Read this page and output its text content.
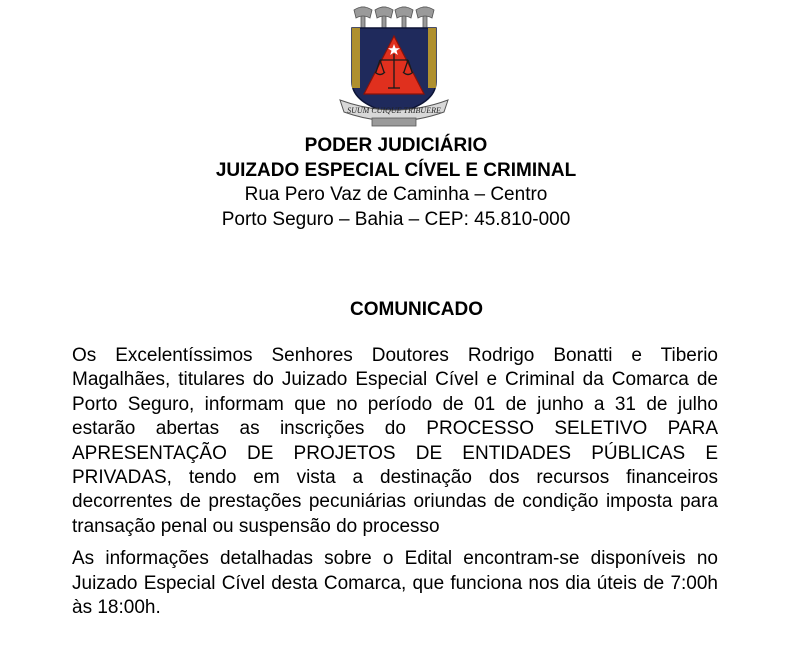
SUUM CUIQUE TRIBUERE
PODER JUDICIÁRIO
JUIZADO ESPECIAL CÍVEL E CRIMINAL
Rua Pero Vaz de Caminha – Centro
Porto Seguro – Bahia – CEP: 45.810-000
COMUNICADO

Os Excelentíssimos Senhores Doutores Rodrigo Bonatti e Tiberio Magalhães, titulares do Juizado Especial Cível e Criminal da Comarca de Porto Seguro, informam que no período de 01 de junho a 31 de julho estarão abertas as inscrições do PROCESSO SELETIVO PARA APRESENTAÇÃO DE PROJETOS DE ENTIDADES PÚBLICAS E PRIVADAS, tendo em vista a destinação dos recursos financeiros decorrentes de prestações pecuniárias oriundas de condição imposta para transação penal ou suspensão do processo

As informações detalhadas sobre o Edital encontram-se disponíveis no Juizado Especial Cível desta Comarca, que funciona nos dia úteis de 7:00h às 18:00h.
